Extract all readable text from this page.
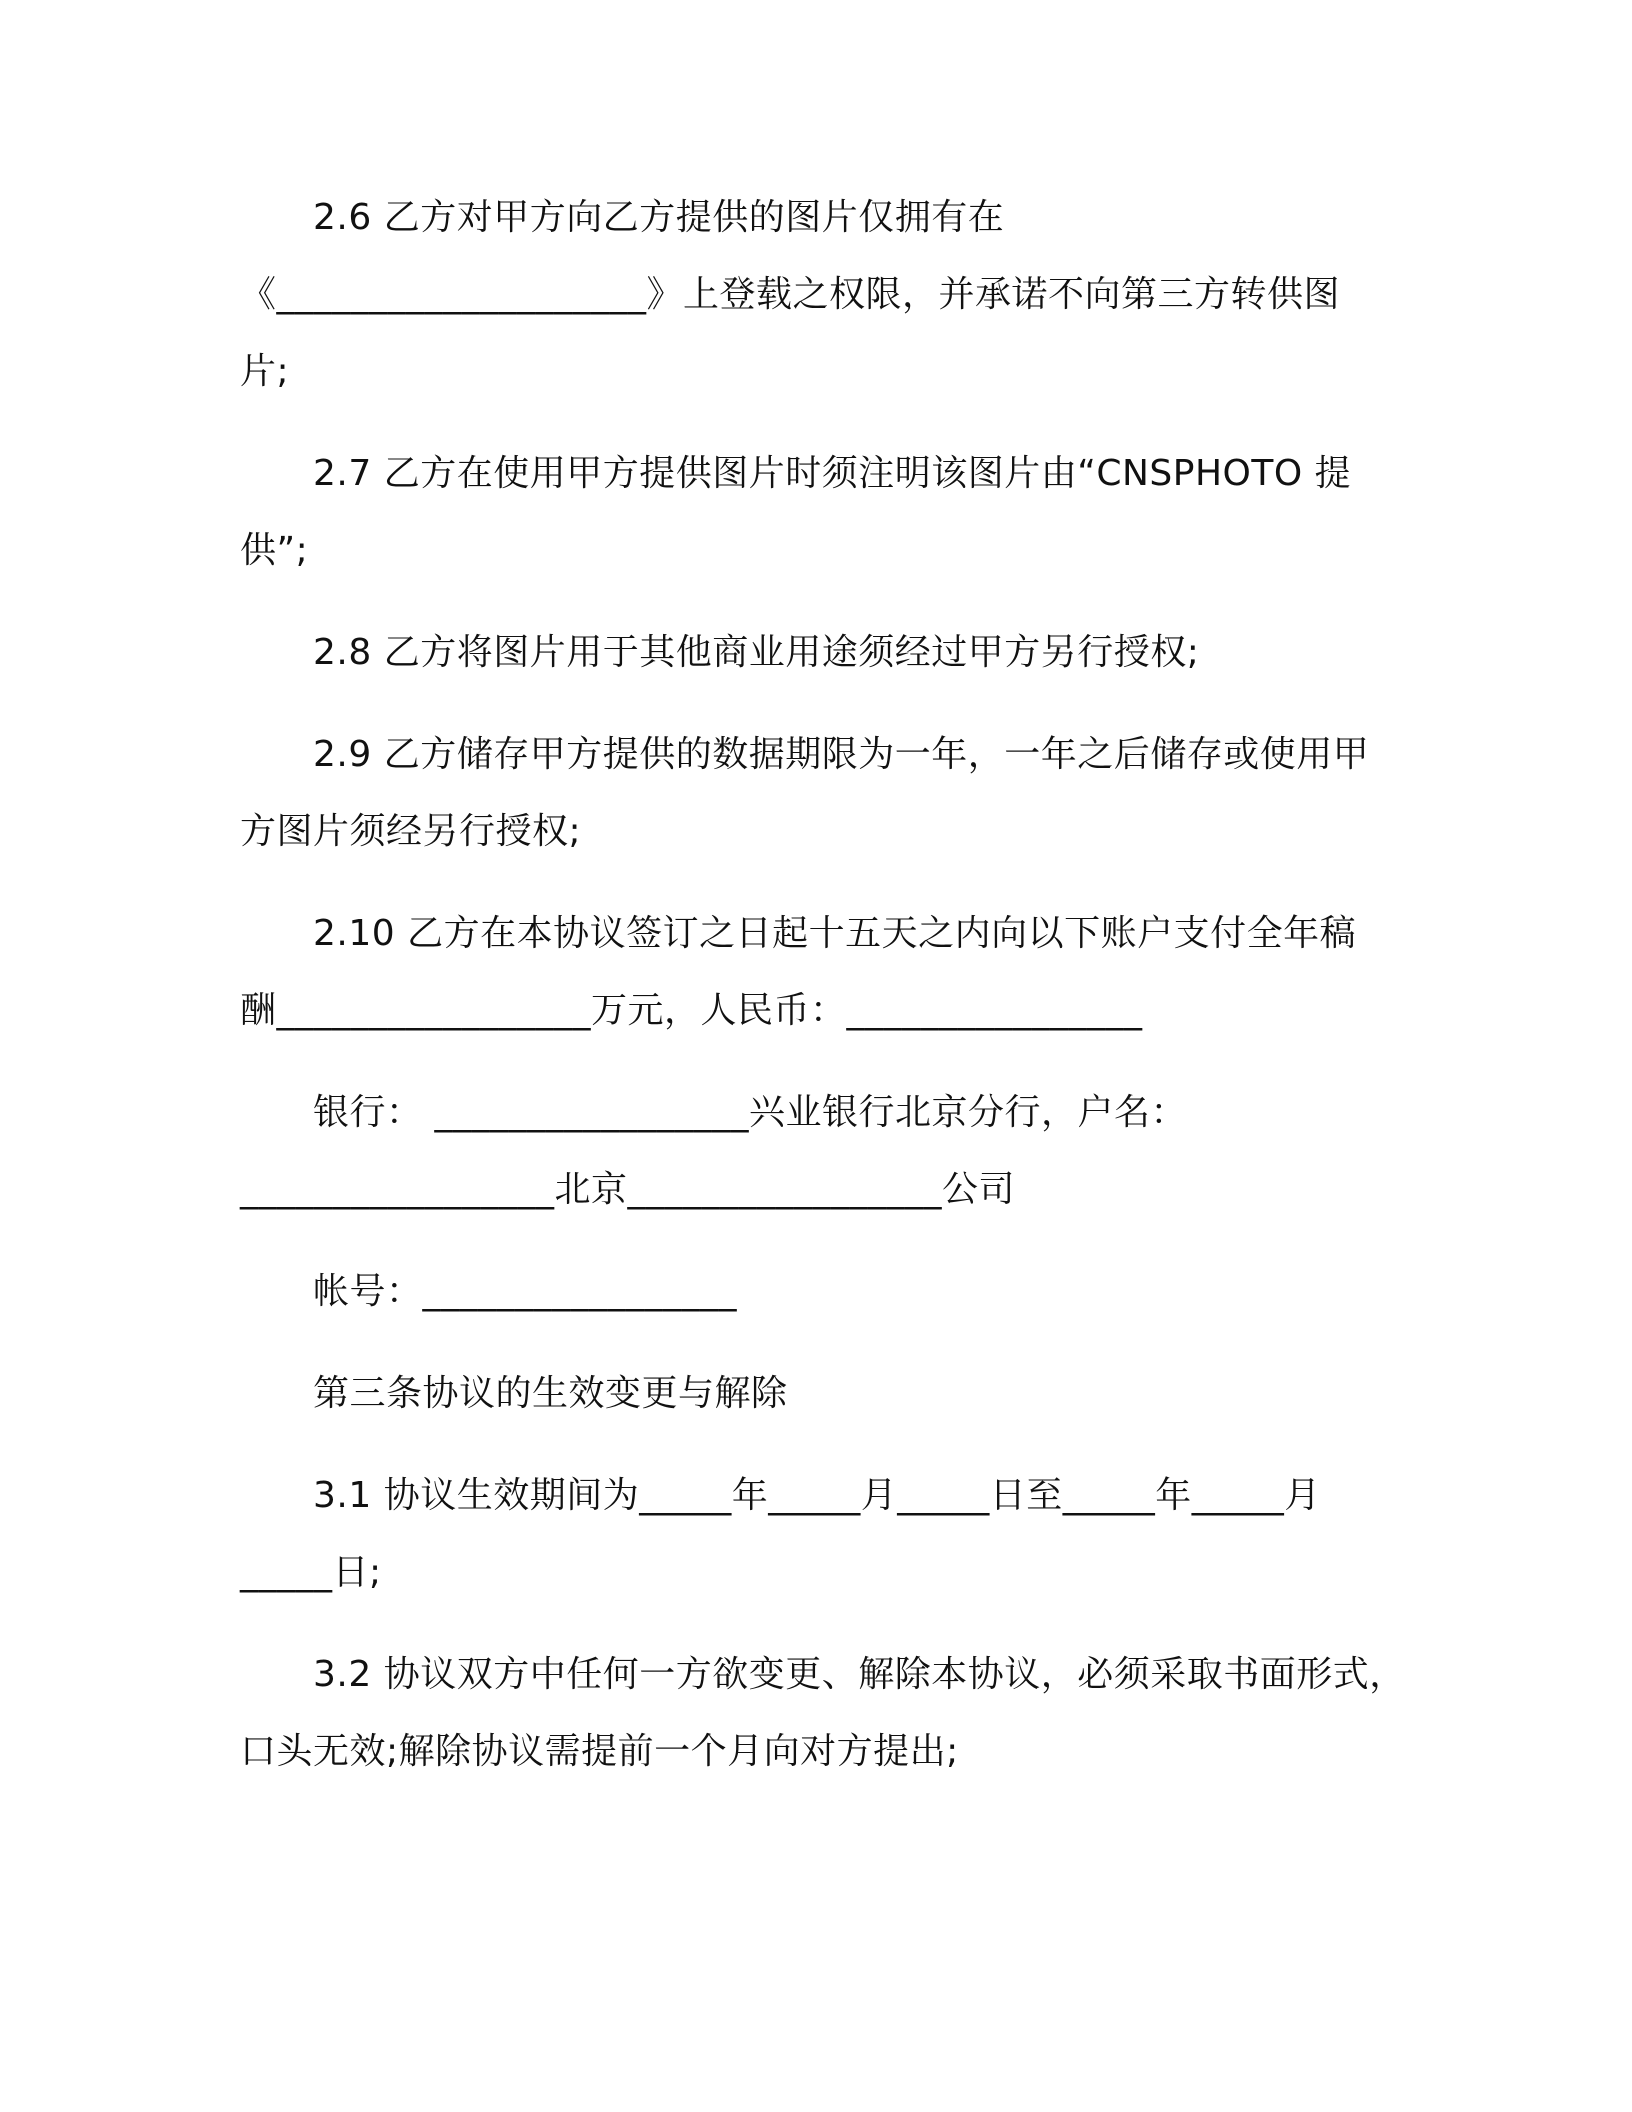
2.6 乙方对甲方向乙方提供的图片仅拥有在
《____________________》上登载之权限，并承诺不向第三方转供图
片;
2.7 乙方在使用甲方提供图片时须注明该图片由“CNSPHOTO 提
供”;
2.8 乙方将图片用于其他商业用途须经过甲方另行授权;
2.9 乙方储存甲方提供的数据期限为一年，一年之后储存或使用甲
方图片须经另行授权;
2.10 乙方在本协议签订之日起十五天之内向以下账户支付全年稿
酬_________________万元，人民币：________________
银行： _________________兴业银行北京分行，户名：
_________________北京_________________公司
帐号：_________________
第三条协议的生效变更与解除
3.1 协议生效期间为_____年_____月_____日至_____年_____月
_____日;
3.2 协议双方中任何一方欲变更、解除本协议，必须采取书面形式，
口头无效;解除协议需提前一个月向对方提出;
